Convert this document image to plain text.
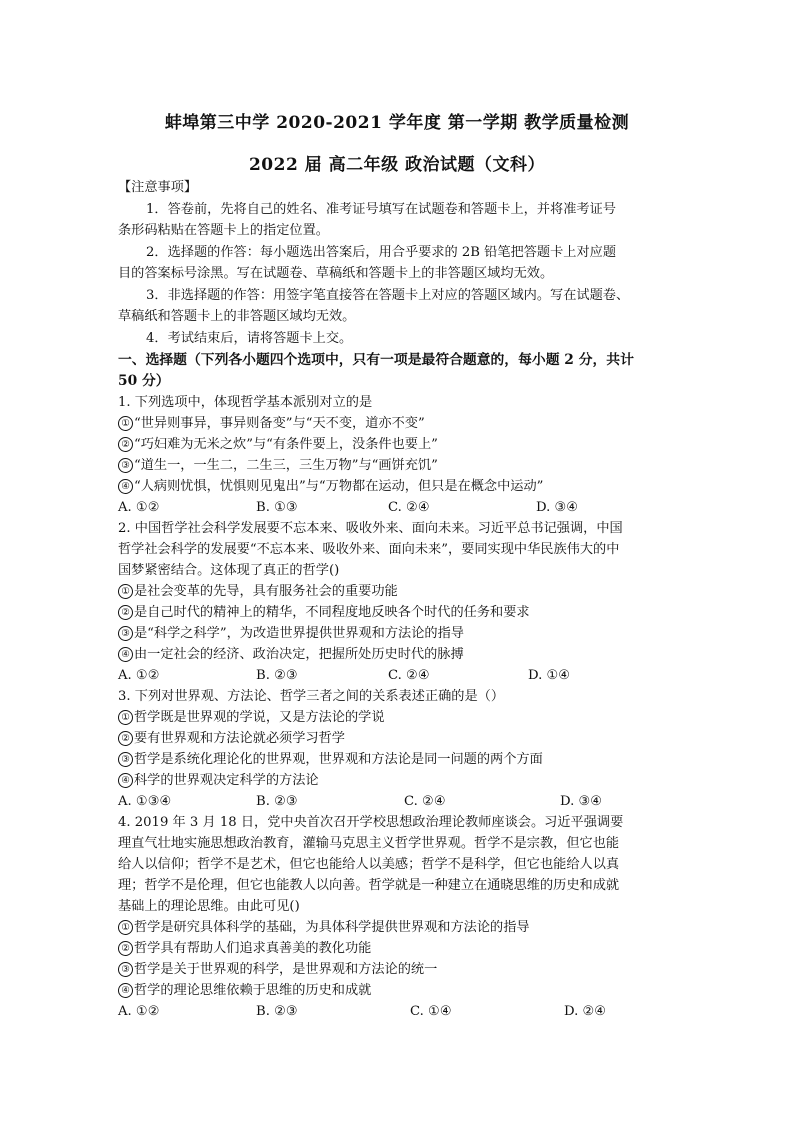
蚌埠第三中学 2020-2021 学年度 第一学期 教学质量检测
2022 届 高二年级 政治试题（文科）
【注意事项】
1．答卷前，先将自己的姓名、准考证号填写在试题卷和答题卡上，并将准考证号
条形码粘贴在答题卡上的指定位置。
2．选择题的作答：每小题选出答案后，用合乎要求的 2B 铅笔把答题卡上对应题
目的答案标号涂黑。写在试题卷、草稿纸和答题卡上的非答题区域均无效。
3．非选择题的作答：用签字笔直接答在答题卡上对应的答题区域内。写在试题卷、
草稿纸和答题卡上的非答题区域均无效。
4．考试结束后，请将答题卡上交。
一、选择题（下列各小题四个选项中，只有一项是最符合题意的，每小题 2 分，共计
50 分）
1. 下列选项中，体现哲学基本派别对立的是
① “世异则事异，事异则备变”与“天不变，道亦不变”
② “巧妇难为无米之炊”与“有条件要上，没条件也要上”
③ “道生一，一生二，二生三，三生万物”与“画饼充饥”
④ “人病则忧惧，忧惧则见鬼出”与“万物都在运动，但只是在概念中运动”
A. ①②	B. ①③	C. ②④	D. ③④
2. 中国哲学社会科学发展要不忘本来、吸收外来、面向未来。习近平总书记强调，中国
哲学社会科学的发展要“不忘本来、吸收外来、面向未来”，要同实现中华民族伟大的中
国梦紧密结合。这体现了真正的哲学()
① 是社会变革的先导，具有服务社会的重要功能
② 是自己时代的精神上的精华，不同程度地反映各个时代的任务和要求
③ 是“科学之科学”，为改造世界提供世界观和方法论的指导
④ 由一定社会的经济、政治决定，把握所处历史时代的脉搏
A. ①②	B. ②③	C. ②④	D. ①④
3. 下列对世界观、方法论、哲学三者之间的关系表述正确的是（）
① 哲学既是世界观的学说，又是方法论的学说
② 要有世界观和方法论就必须学习哲学
③ 哲学是系统化理论化的世界观，世界观和方法论是同一问题的两个方面
④ 科学的世界观决定科学的方法论
A. ①③④	B. ②③	C. ②④	D. ③④
4. 2019 年 3 月 18 日，党中央首次召开学校思想政治理论教师座谈会。习近平强调要
理直气壮地实施思想政治教育，灌输马克思主义哲学世界观。哲学不是宗教，但它也能
给人以信仰；哲学不是艺术，但它也能给人以美感；哲学不是科学，但它也能给人以真
理；哲学不是伦理，但它也能教人以向善。哲学就是一种建立在通晓思维的历史和成就
基础上的理论思维。由此可见()
① 哲学是研究具体科学的基础，为具体科学提供世界观和方法论的指导
② 哲学具有帮助人们追求真善美的教化功能
③ 哲学是关于世界观的科学，是世界观和方法论的统一
④ 哲学的理论思维依赖于思维的历史和成就
A. ①②	B. ②③	C. ①④	D. ②④
